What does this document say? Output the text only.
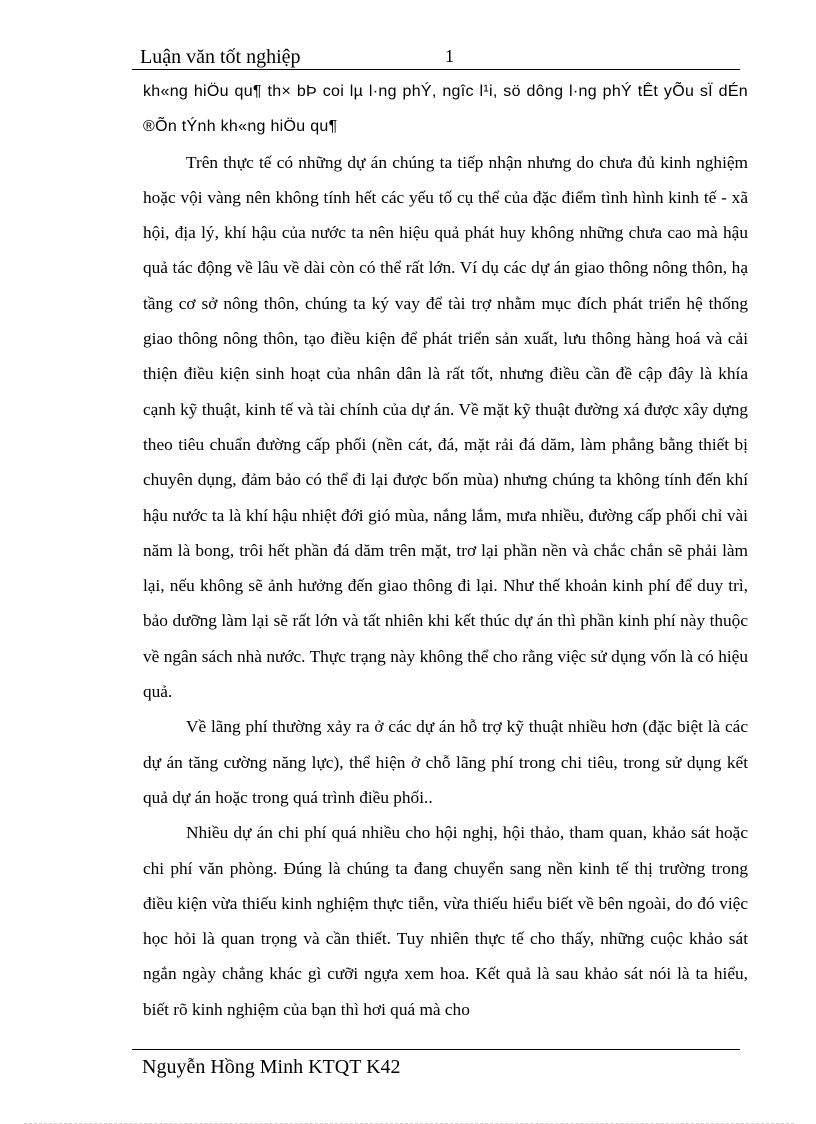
Luận văn tốt nghiệp	1

kh«ng hiÖu qu¶ th× bÞ coi lµ l·ng phÝ, ngîc l¹i, sö dông l·ng phÝ tÊt yÕu sÏ dÉn ®Õn tÝnh kh«ng hiÖu qu¶

Trên thực tế có những dự án chúng ta tiếp nhận nhưng do chưa đủ kinh nghiệm hoặc vội vàng nên không tính hết các yếu tố cụ thể của đặc điểm tình hình kinh tế - xã hội, địa lý, khí hậu của nước ta nên hiệu quả phát huy không những chưa cao mà hậu quả tác động về lâu về dài còn có thể rất lớn. Ví dụ các dự án giao thông nông thôn, hạ tầng cơ sở nông thôn, chúng ta ký vay để tài trợ nhằm mục đích phát triển hệ thống giao thông nông thôn, tạo điều kiện để phát triển sản xuất, lưu thông hàng hoá và cải thiện điều kiện sinh hoạt của nhân dân là rất tốt, nhưng điều cần đề cập đây là khía cạnh kỹ thuật, kinh tế và tài chính của dự án. Về mặt kỹ thuật đường xá được xây dựng theo tiêu chuẩn đường cấp phối (nền cát, đá, mặt rải đá dăm, làm phẳng bằng thiết bị chuyên dụng, đảm bảo có thể đi lại được bốn mùa) nhưng chúng ta không tính đến khí hậu nước ta là khí hậu nhiệt đới gió mùa, nắng lắm, mưa nhiều, đường cấp phối chỉ vài năm là bong, trôi hết phần đá dăm trên mặt, trơ lại phần nền và chắc chắn sẽ phải làm lại, nếu không sẽ ảnh hưởng đến giao thông đi lại. Như thế khoản kinh phí để duy trì, bảo dưỡng làm lại sẽ rất lớn và tất nhiên khi kết thúc dự án thì phần kinh phí này thuộc về ngân sách nhà nước. Thực trạng này không thể cho rằng việc sử dụng vốn là có hiệu quả.

Về lãng phí thường xảy ra ở các dự án hỗ trợ kỹ thuật nhiều hơn (đặc biệt là các dự án tăng cường năng lực), thể hiện ở chỗ lãng phí trong chi tiêu, trong sử dụng kết quả dự án hoặc trong quá trình điều phối..

Nhiều dự án chi phí quá nhiều cho hội nghị, hội thảo, tham quan, khảo sát hoặc chi phí văn phòng. Đúng là chúng ta đang chuyển sang nền kinh tế thị trường trong điều kiện vừa thiếu kinh nghiệm thực tiễn, vừa thiếu hiểu biết về bên ngoài, do đó việc học hỏi là quan trọng và cần thiết. Tuy nhiên thực tế cho thấy, những cuộc khảo sát ngắn ngày chẳng khác gì cưỡi ngựa xem hoa. Kết quả là sau khảo sát nói là ta hiểu, biết rõ kinh nghiệm của bạn thì hơi quá mà cho

Nguyễn Hồng Minh KTQT K42
